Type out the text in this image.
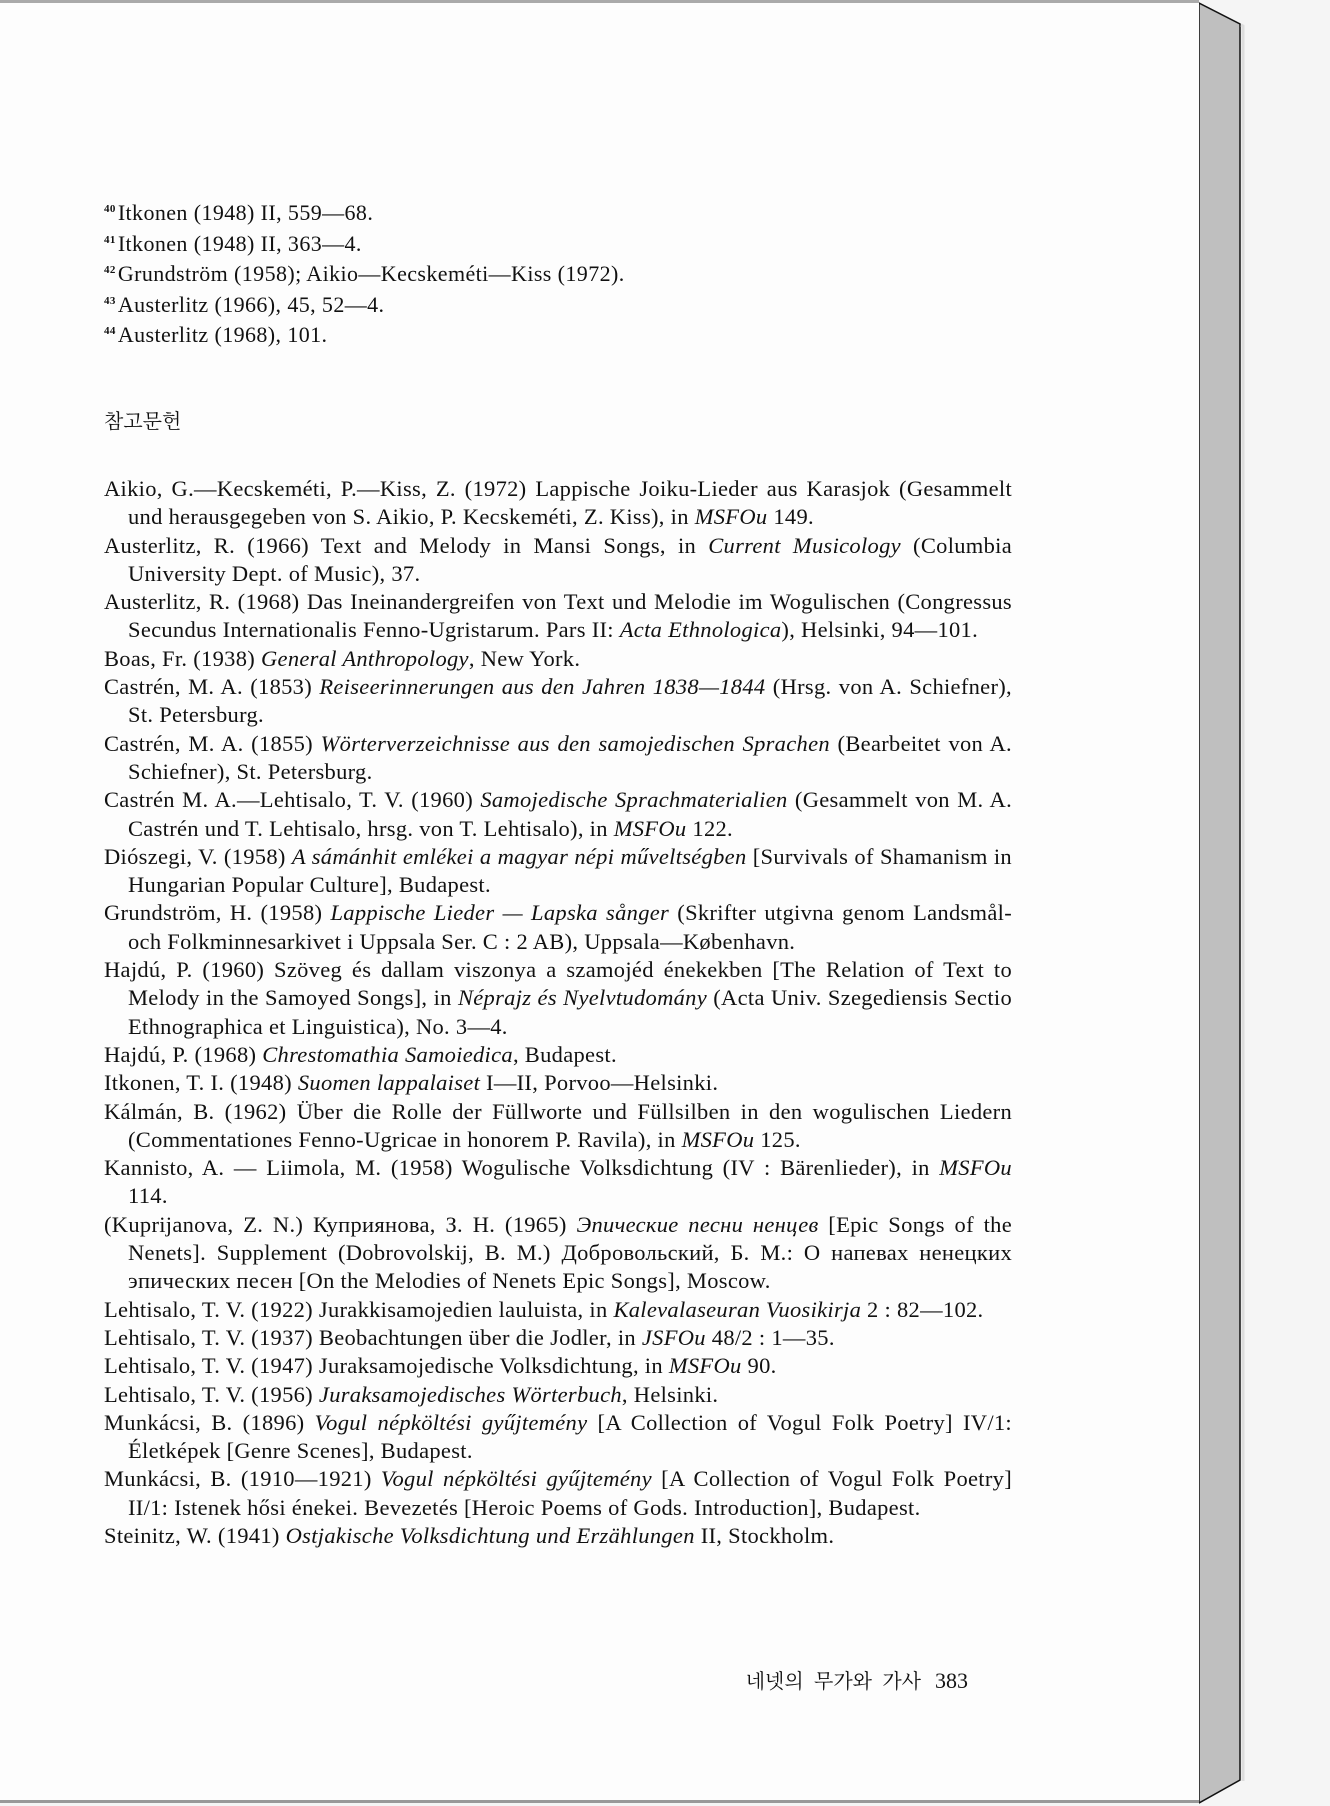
$^{40}$Itkonen (1948) II, 559—68.
$^{41}$Itkonen (1948) II, 363—4.
$^{42}$Grundström (1958); Aikio—Kecskeméti—Kiss (1972).
$^{43}$Austerlitz (1966), 45, 52—4.
$^{44}$Austerlitz (1968), 101.
참고문헌
Aikio, G.—Kecskeméti, P.—Kiss, Z. (1972) Lappische Joiku-Lieder aus Karasjok (Gesammelt und herausgegeben von S. Aikio, P. Kecskeméti, Z. Kiss), in MSFOu 149.
Austerlitz, R. (1966) Text and Melody in Mansi Songs, in Current Musicology (Columbia University Dept. of Music), 37.
Austerlitz, R. (1968) Das Ineinandergreifen von Text und Melodie im Wogulischen (Congressus Secundus Internationalis Fenno-Ugristarum. Pars II: Acta Ethnologica), Helsinki, 94—101.
Boas, Fr. (1938) General Anthropology, New York.
Castrén, M. A. (1853) Reiseerinnerungen aus den Jahren 1838—1844 (Hrsg. von A. Schiefner), St. Petersburg.
Castrén, M. A. (1855) Wörterverzeichnisse aus den samojedischen Sprachen (Bearbeitet von A. Schiefner), St. Petersburg.
Castrén M. A.—Lehtisalo, T. V. (1960) Samojedische Sprachmaterialien (Gesammelt von M. A. Castrén und T. Lehtisalo, hrsg. von T. Lehtisalo), in MSFOu 122.
Diószegi, V. (1958) A sámánhit emlékei a magyar népi műveltségben [Survivals of Shamanism in Hungarian Popular Culture], Budapest.
Grundström, H. (1958) Lappische Lieder — Lapska sånger (Skrifter utgivna genom Landsmål- och Folkminnesarkivet i Uppsala Ser. C : 2 AB), Uppsala—København.
Hajdú, P. (1960) Szöveg és dallam viszonya a szamojéd énekekben [The Relation of Text to Melody in the Samoyed Songs], in Néprajz és Nyelvtudomány (Acta Univ. Szegediensis Sectio Ethnographica et Linguistica), No. 3—4.
Hajdú, P. (1968) Chrestomathia Samoiedica, Budapest.
Itkonen, T. I. (1948) Suomen lappalaiset I—II, Porvoo—Helsinki.
Kálmán, B. (1962) Über die Rolle der Füllworte und Füllsilben in den wogulischen Liedern (Commentationes Fenno-Ugricae in honorem P. Ravila), in MSFOu 125.
Kannisto, A. — Liimola, M. (1958) Wogulische Volksdichtung (IV : Bärenlieder), in MSFOu 114.
(Kuprijanova, Z. N.) Куприянова, З. Н. (1965) Эпические песни ненцев [Epic Songs of the Nenets]. Supplement (Dobrovolskij, B. M.) Добровольский, Б. М.: О напевах ненецких эпических песен [On the Melodies of Nenets Epic Songs], Moscow.
Lehtisalo, T. V. (1922) Jurakkisamojedien lauluista, in Kalevalaseuran Vuosikirja 2 : 82—102.
Lehtisalo, T. V. (1937) Beobachtungen über die Jodler, in JSFOu 48/2 : 1—35.
Lehtisalo, T. V. (1947) Juraksamojedische Volksdichtung, in MSFOu 90.
Lehtisalo, T. V. (1956) Juraksamojedisches Wörterbuch, Helsinki.
Munkácsi, B. (1896) Vogul népköltési gyűjtemény [A Collection of Vogul Folk Poetry] IV/1: Életképek [Genre Scenes], Budapest.
Munkácsi, B. (1910—1921) Vogul népköltési gyűjtemény [A Collection of Vogul Folk Poetry] II/1: Istenek hősi énekei. Bevezetés [Heroic Poems of Gods. Introduction], Budapest.
Steinitz, W. (1941) Ostjakische Volksdichtung und Erzählungen II, Stockholm.
네넷의 무가와 가사 383
